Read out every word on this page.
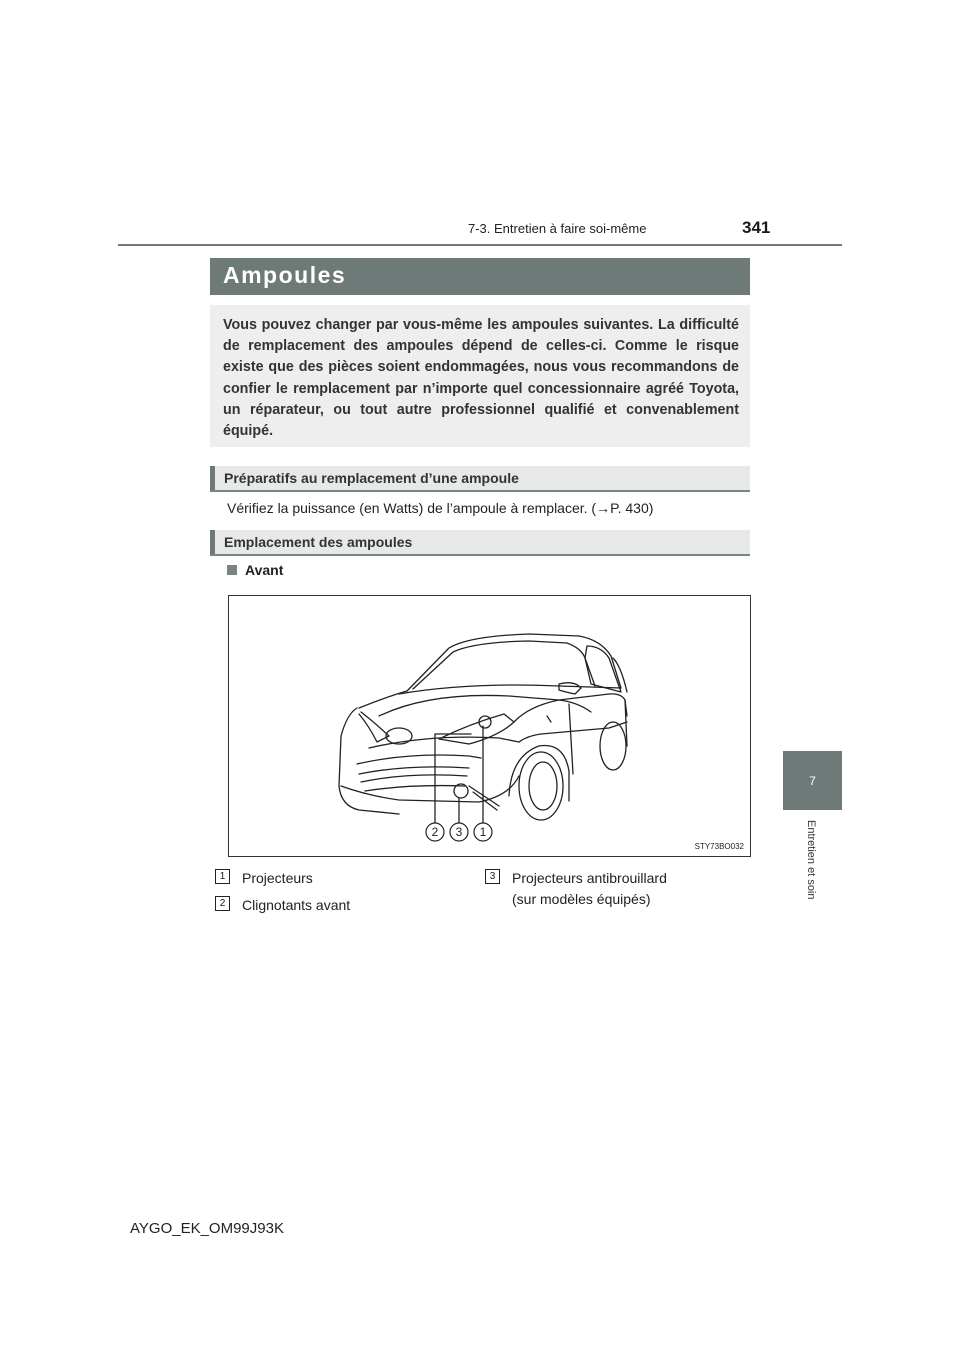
7-3. Entretien à faire soi-même	341
7
Entretien et soin
Ampoules
Vous pouvez changer par vous-même les ampoules suivantes. La difficulté de remplacement des ampoules dépend de celles-ci. Comme le risque existe que des pièces soient endommagées, nous vous recommandons de confier le remplacement par n’importe quel concessionnaire agréé Toyota, un réparateur, ou tout autre professionnel qualifié et convenablement équipé.
Préparatifs au remplacement d’une ampoule
Vérifiez la puissance (en Watts) de l’ampoule à remplacer. (→P. 430)
Emplacement des ampoules
Avant
2 3 1
STY73BO032
1	Projecteurs
2	Clignotants avant
3	Projecteurs antibrouillard
(sur modèles équipés)
AYGO_EK_OM99J93K
